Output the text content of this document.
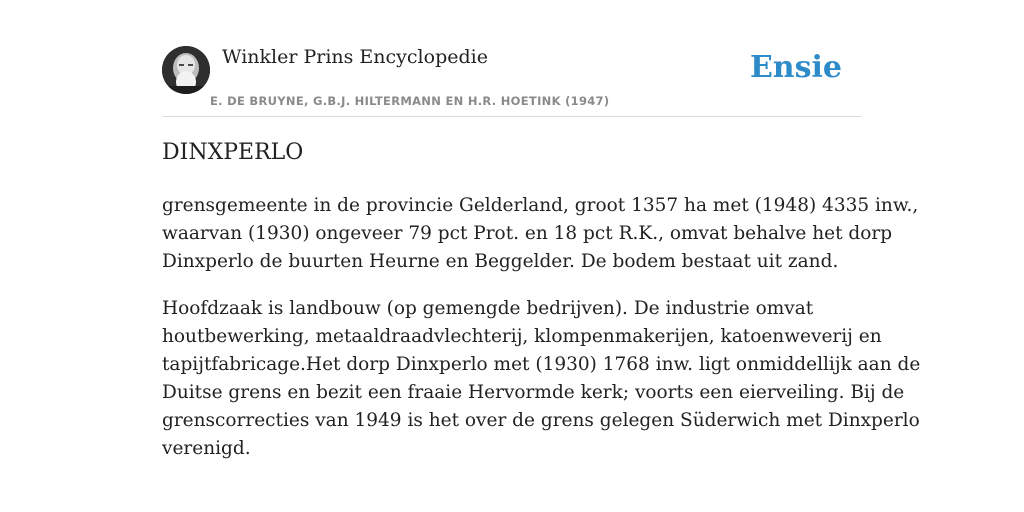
Winkler Prins Encyclopedie
E. DE BRUYNE, G.B.J. HILTERMANN EN H.R. HOETINK (1947)
Ensie
DINXPERLO

grensgemeente in de provincie Gelderland, groot 1357 ha met (1948) 4335 inw.,
waarvan (1930) ongeveer 79 pct Prot. en 18 pct R.K., omvat behalve het dorp
Dinxperlo de buurten Heurne en Beggelder. De bodem bestaat uit zand.

Hoofdzaak is landbouw (op gemengde bedrijven). De industrie omvat
houtbewerking, metaaldraadvlechterij, klompenmakerijen, katoenweverij en
tapijtfabricage.Het dorp Dinxperlo met (1930) 1768 inw. ligt onmiddellijk aan de
Duitse grens en bezit een fraaie Hervormde kerk; voorts een eierveiling. Bij de
grenscorrecties van 1949 is het over de grens gelegen Süderwich met Dinxperlo
verenigd.
